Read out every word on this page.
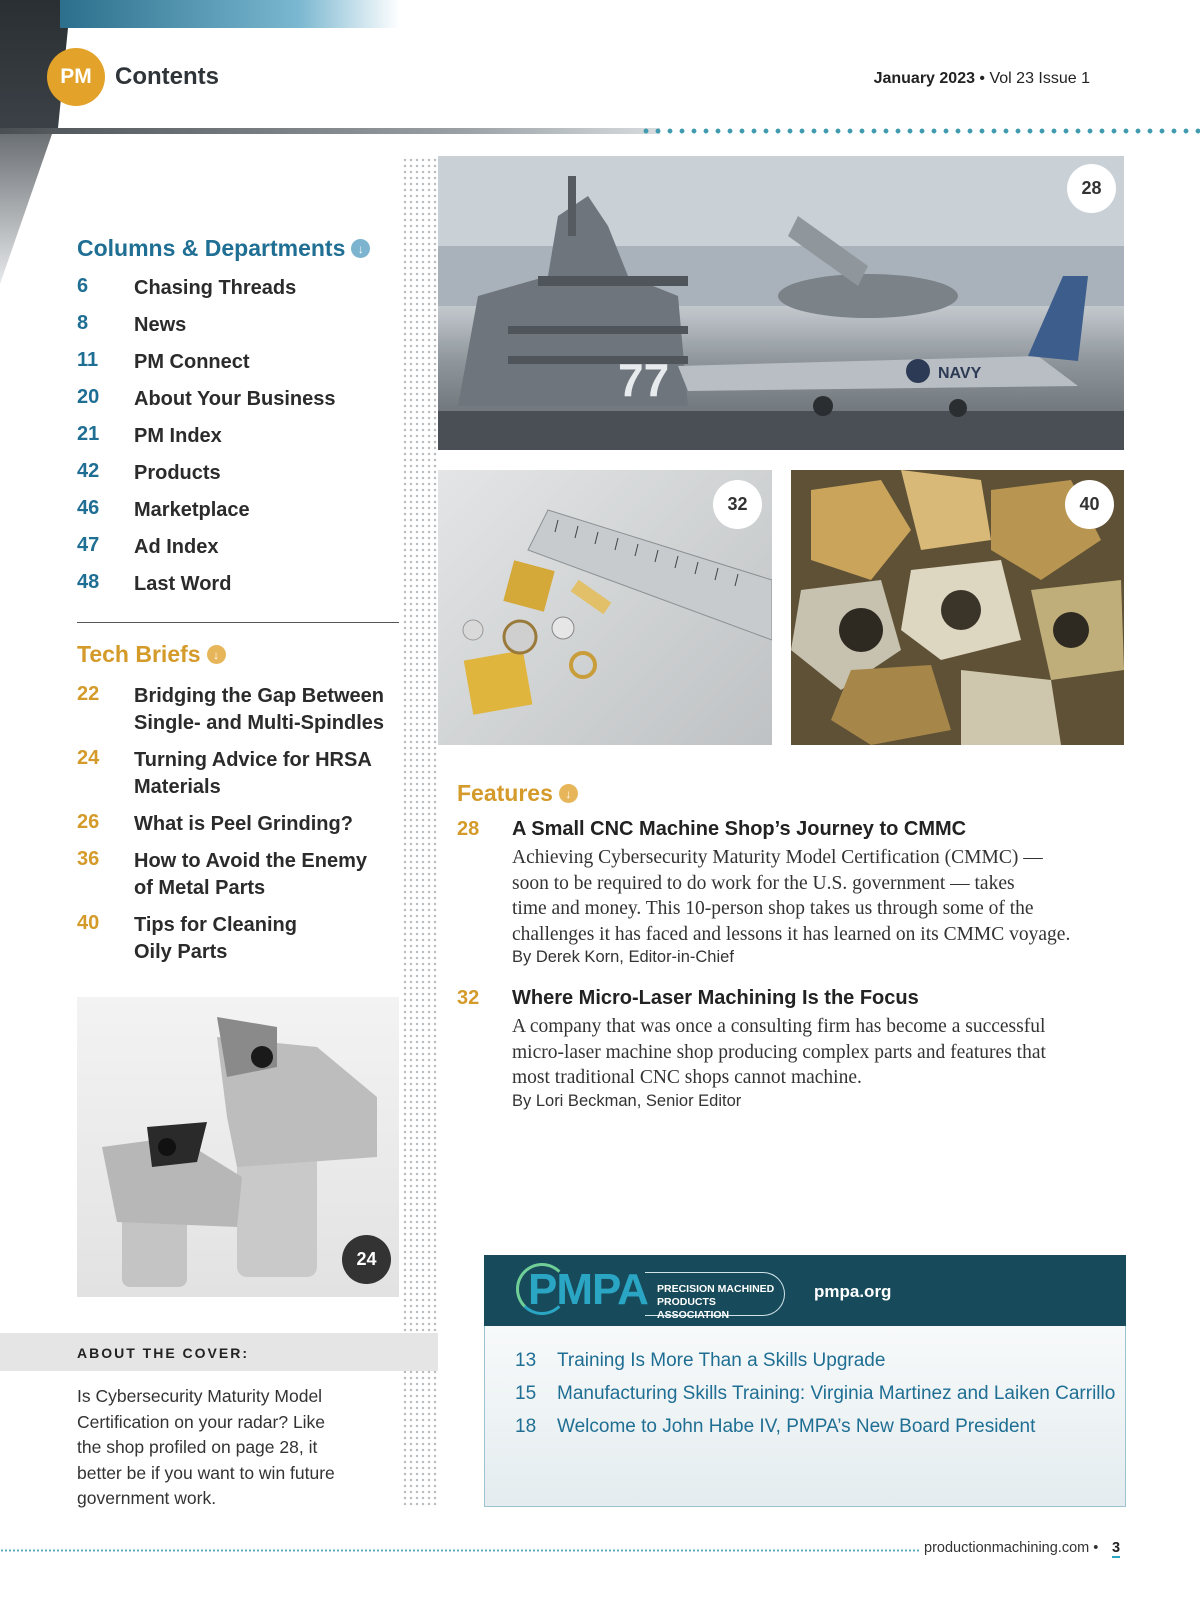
PM Contents	January 2023 • Vol 23 Issue 1
Columns & Departments	↓
6	Chasing Threads
8	News
11	PM Connect
20	About Your Business
21	PM Index
42	Products
46	Marketplace
47	Ad Index
48	Last Word
Tech Briefs	↓
22	Bridging the Gap Between
Single- and Multi-Spindles
24	Turning Advice for HRSA
Materials
26	What is Peel Grinding?
36	How to Avoid the Enemy
of Metal Parts
40	Tips for Cleaning
Oily Parts
77	NAVY
28
32	40
24
Features	↓
28 A Small CNC Machine Shop’s Journey to CMMC
Achieving Cybersecurity Maturity Model Certification (CMMC) —
soon to be required to do work for the U.S. government — takes
time and money. This 10-person shop takes us through some of the
challenges it has faced and lessons it has learned on its CMMC voyage.
By Derek Korn, Editor-in-Chief
32 Where Micro-Laser Machining Is the Focus
A company that was once a consulting firm has become a successful
micro-laser machine shop producing complex parts and features that
most traditional CNC shops cannot machine.
By Lori Beckman, Senior Editor
ABOUT THE COVER:
Is Cybersecurity Maturity Model
Certification on your radar? Like
the shop profiled on page 28, it
better be if you want to win future
government work.
PMPA PRECISION MACHINED
PRODUCTS ASSOCIATION
pmpa.org
13	Training Is More Than a Skills Upgrade
15	Manufacturing Skills Training: Virginia Martinez and Laiken Carrillo
18	Welcome to John Habe IV, PMPA’s New Board President
productionmachining.com • 3
